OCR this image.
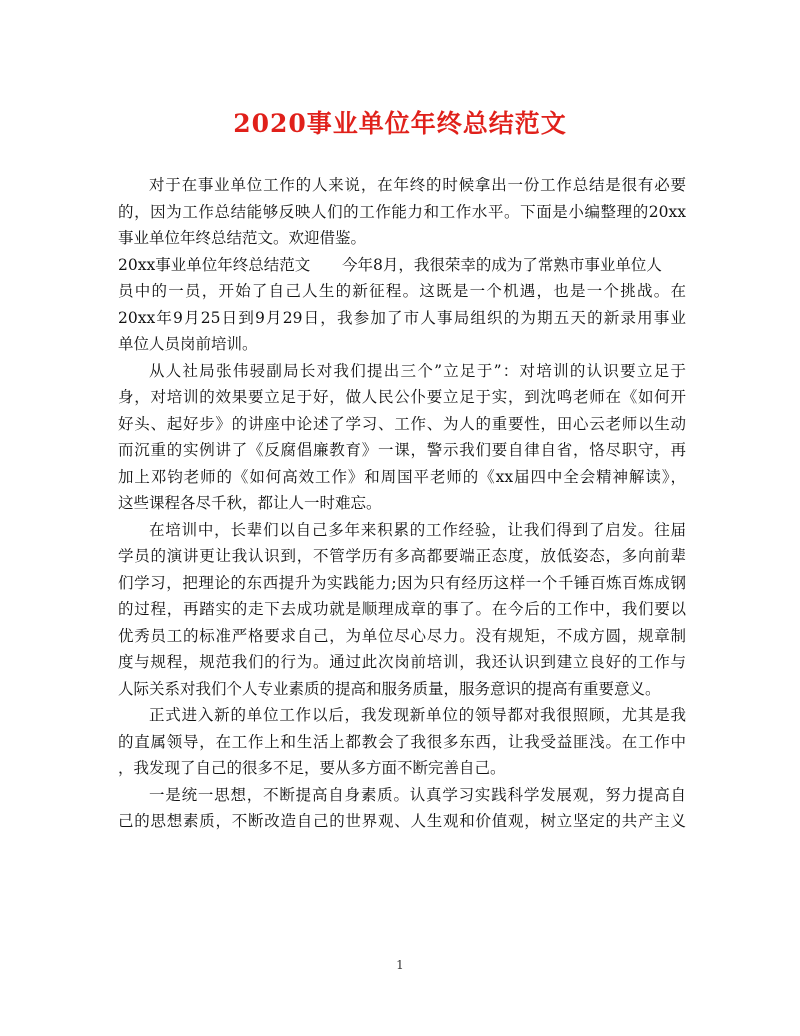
2020事业单位年终总结范文
对于在事业单位工作的人来说，在年终的时候拿出一份工作总结是很有必要
的，因为工作总结能够反映人们的工作能力和工作水平。下面是小编整理的20xx
事业单位年终总结范文。欢迎借鉴。
20xx事业单位年终总结范文 今年8月，我很荣幸的成为了常熟市事业单位人
员中的一员，开始了自己人生的新征程。这既是一个机遇，也是一个挑战。在
20xx年9月25日到9月29日，我参加了市人事局组织的为期五天的新录用事业
单位人员岗前培训。
从人社局张伟骎副局长对我们提出三个”立足于”：对培训的认识要立足于
身，对培训的效果要立足于好，做人民公仆要立足于实，到沈鸣老师在《如何开
好头、起好步》的讲座中论述了学习、工作、为人的重要性，田心云老师以生动
而沉重的实例讲了《反腐倡廉教育》一课，警示我们要自律自省，恪尽职守，再
加上邓钧老师的《如何高效工作》和周国平老师的《xx届四中全会精神解读》，
这些课程各尽千秋，都让人一时难忘。
在培训中，长辈们以自己多年来积累的工作经验，让我们得到了启发。往届
学员的演讲更让我认识到，不管学历有多高都要端正态度，放低姿态，多向前辈
们学习，把理论的东西提升为实践能力;因为只有经历这样一个千锤百炼百炼成钢
的过程，再踏实的走下去成功就是顺理成章的事了。在今后的工作中，我们要以
优秀员工的标准严格要求自己，为单位尽心尽力。没有规矩，不成方圆，规章制
度与规程，规范我们的行为。通过此次岗前培训，我还认识到建立良好的工作与
人际关系对我们个人专业素质的提高和服务质量，服务意识的提高有重要意义。
正式进入新的单位工作以后，我发现新单位的领导都对我很照顾，尤其是我
的直属领导，在工作上和生活上都教会了我很多东西，让我受益匪浅。在工作中
，我发现了自己的很多不足，要从多方面不断完善自己。
一是统一思想，不断提高自身素质。认真学习实践科学发展观，努力提高自
己的思想素质，不断改造自己的世界观、人生观和价值观，树立坚定的共产主义
1
